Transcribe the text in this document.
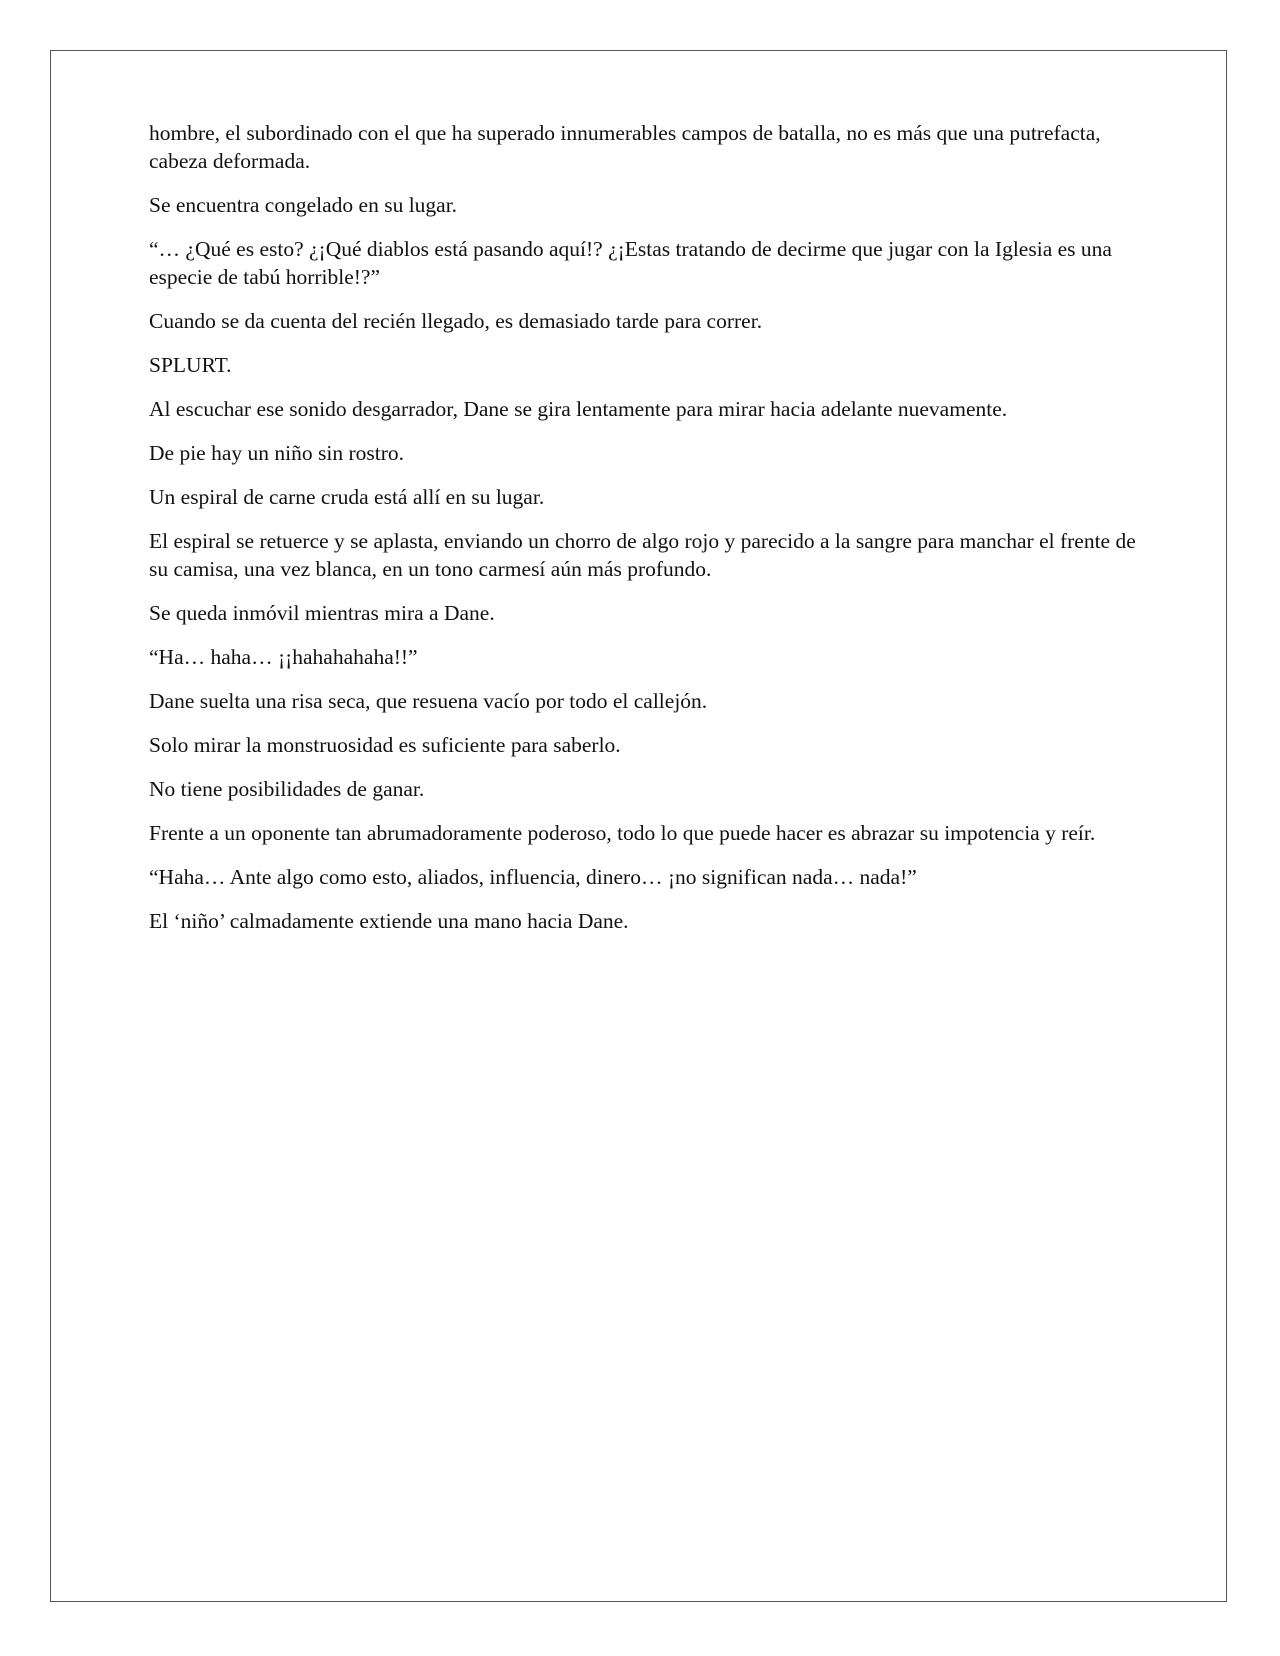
hombre, el subordinado con el que ha superado innumerables campos de batalla, no es más que una putrefacta, cabeza deformada.

Se encuentra congelado en su lugar.

“… ¿Qué es esto? ¿¡Qué diablos está pasando aquí!? ¿¡Estas tratando de decirme que jugar con la Iglesia es una especie de tabú horrible!?”

Cuando se da cuenta del recién llegado, es demasiado tarde para correr.

SPLURT.

Al escuchar ese sonido desgarrador, Dane se gira lentamente para mirar hacia adelante nuevamente.

De pie hay un niño sin rostro.

Un espiral de carne cruda está allí en su lugar.

El espiral se retuerce y se aplasta, enviando un chorro de algo rojo y parecido a la sangre para manchar el frente de su camisa, una vez blanca, en un tono carmesí aún más profundo.

Se queda inmóvil mientras mira a Dane.

“Ha… haha… ¡¡hahahahaha!!”

Dane suelta una risa seca, que resuena vacío por todo el callejón.

Solo mirar la monstruosidad es suficiente para saberlo.

No tiene posibilidades de ganar.

Frente a un oponente tan abrumadoramente poderoso, todo lo que puede hacer es abrazar su impotencia y reír.

“Haha… Ante algo como esto, aliados, influencia, dinero… ¡no significan nada… nada!”

El ‘niño’ calmadamente extiende una mano hacia Dane.
